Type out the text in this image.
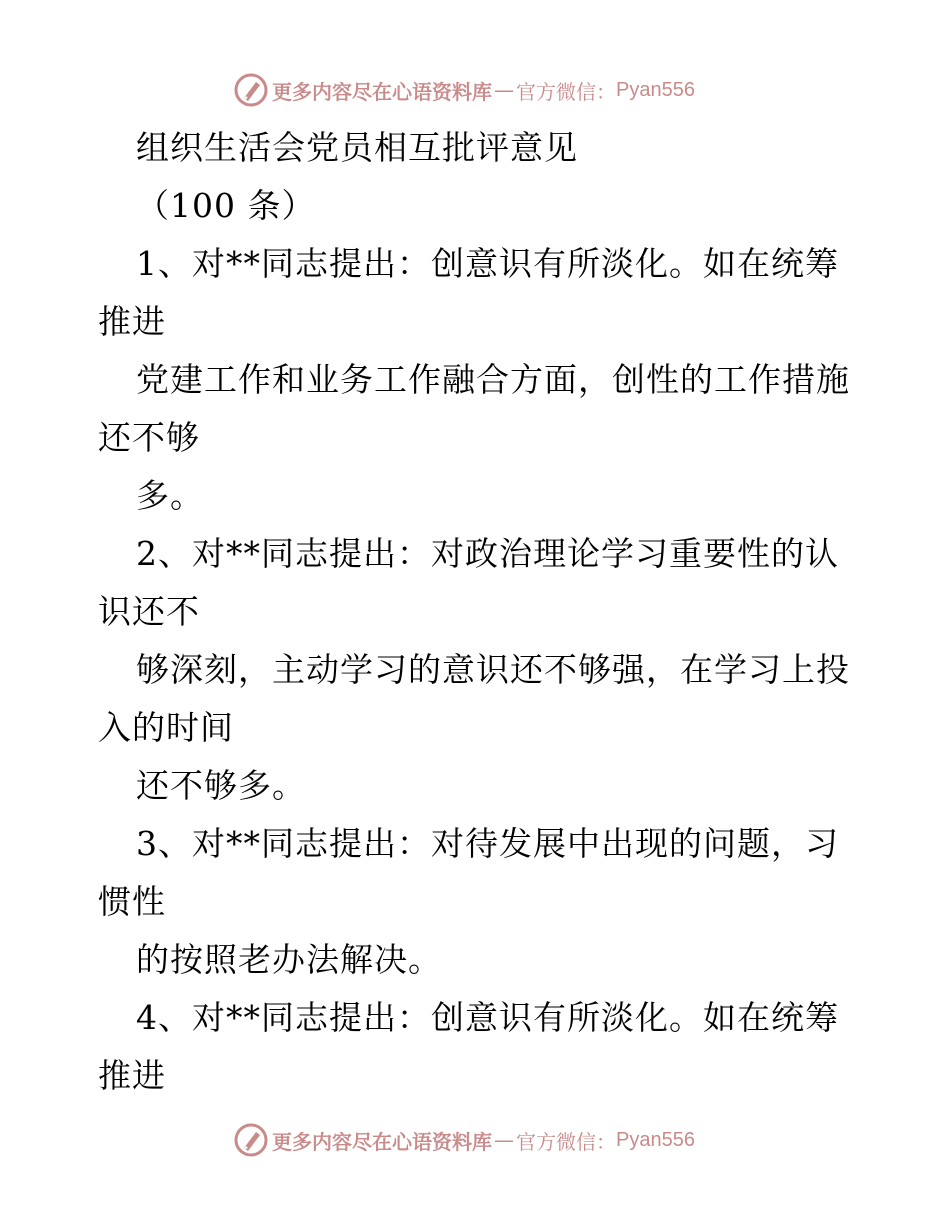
更多内容尽在心语资料库 — 官方微信： Pyan556
组织生活会党员相互批评意见
（100 条）
1、对**同志提出：创意识有所淡化。如在统筹
推进
党建工作和业务工作融合方面，创性的工作措施
还不够
多。
2、对**同志提出：对政治理论学习重要性的认
识还不
够深刻，主动学习的意识还不够强，在学习上投
入的时间
还不够多。
3、对**同志提出：对待发展中出现的问题，习
惯性
的按照老办法解决。
4、对**同志提出：创意识有所淡化。如在统筹
推进
更多内容尽在心语资料库 — 官方微信： Pyan556
